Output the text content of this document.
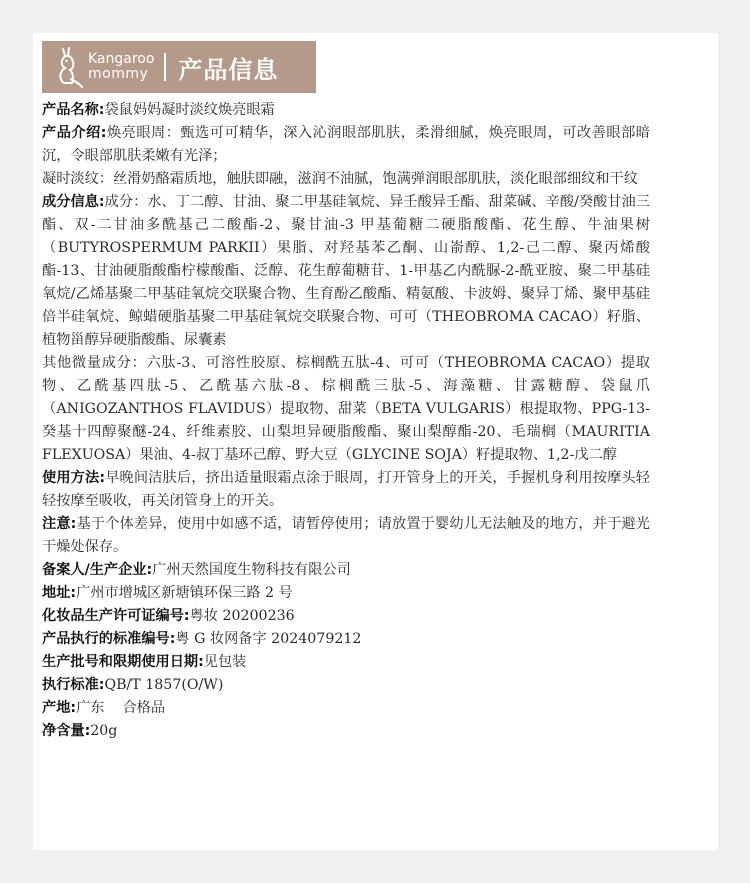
Kangaroo
mommy 产品信息

产品名称:袋鼠妈妈凝时淡纹焕亮眼霜

产品介绍:焕亮眼周：甄选可可精华，深入沁润眼部肌肤，柔滑细腻，焕亮眼周，可改善眼部暗沉，令眼部肌肤柔嫩有光泽；

凝时淡纹：丝滑奶酪霜质地，触肤即融，滋润不油腻，饱满弹润眼部肌肤，淡化眼部细纹和干纹

成分信息:成分：水、丁二醇、甘油、聚二甲基硅氧烷、异壬酸异壬酯、甜菜碱、辛酸/癸酸甘油三酯、双-二甘油多酰基己二酸酯-2、聚甘油-3 甲基葡糖二硬脂酸酯、花生醇、牛油果树（BUTYROSPERMUM PARKII）果脂、对羟基苯乙酮、山嵛醇、1,2-己二醇、聚丙烯酸酯-13、甘油硬脂酸酯柠檬酸酯、泛醇、花生醇葡糖苷、1-甲基乙内酰脲-2-酰亚胺、聚二甲基硅氧烷/乙烯基聚二甲基硅氧烷交联聚合物、生育酚乙酸酯、精氨酸、卡波姆、聚异丁烯、聚甲基硅倍半硅氧烷、鲸蜡硬脂基聚二甲基硅氧烷交联聚合物、可可（THEOBROMA CACAO）籽脂、植物甾醇异硬脂酸酯、尿囊素

其他微量成分：六肽-3、可溶性胶原、棕榈酰五肽-4、可可（THEOBROMA CACAO）提取物、乙酰基四肽-5、乙酰基六肽-8、棕榈酰三肽-5、海藻糖、甘露糖醇、袋鼠爪（ANIGOZANTHOS FLAVIDUS）提取物、甜菜（BETA VULGARIS）根提取物、PPG-13-癸基十四醇聚醚-24、纤维素胶、山梨坦异硬脂酸酯、聚山梨醇酯-20、毛瑞榈（MAURITIA FLEXUOSA）果油、4-叔丁基环己醇、野大豆（GLYCINE SOJA）籽提取物、1,2-戊二醇

使用方法:早晚间洁肤后，挤出适量眼霜点涂于眼周，打开管身上的开关，手握机身利用按摩头轻轻按摩至吸收，再关闭管身上的开关。

注意:基于个体差异，使用中如感不适，请暂停使用；请放置于婴幼儿无法触及的地方，并于避光干燥处保存。

备案人/生产企业:广州天然国度生物科技有限公司

地址:广州市增城区新塘镇环保三路 2 号

化妆品生产许可证编号:粤妆 20200236

产品执行的标准编号:粤 G 妆网备字 2024079212

生产批号和限期使用日期:见包装

执行标准:QB/T 1857(O/W)

产地:广东    合格品

净含量:20g
